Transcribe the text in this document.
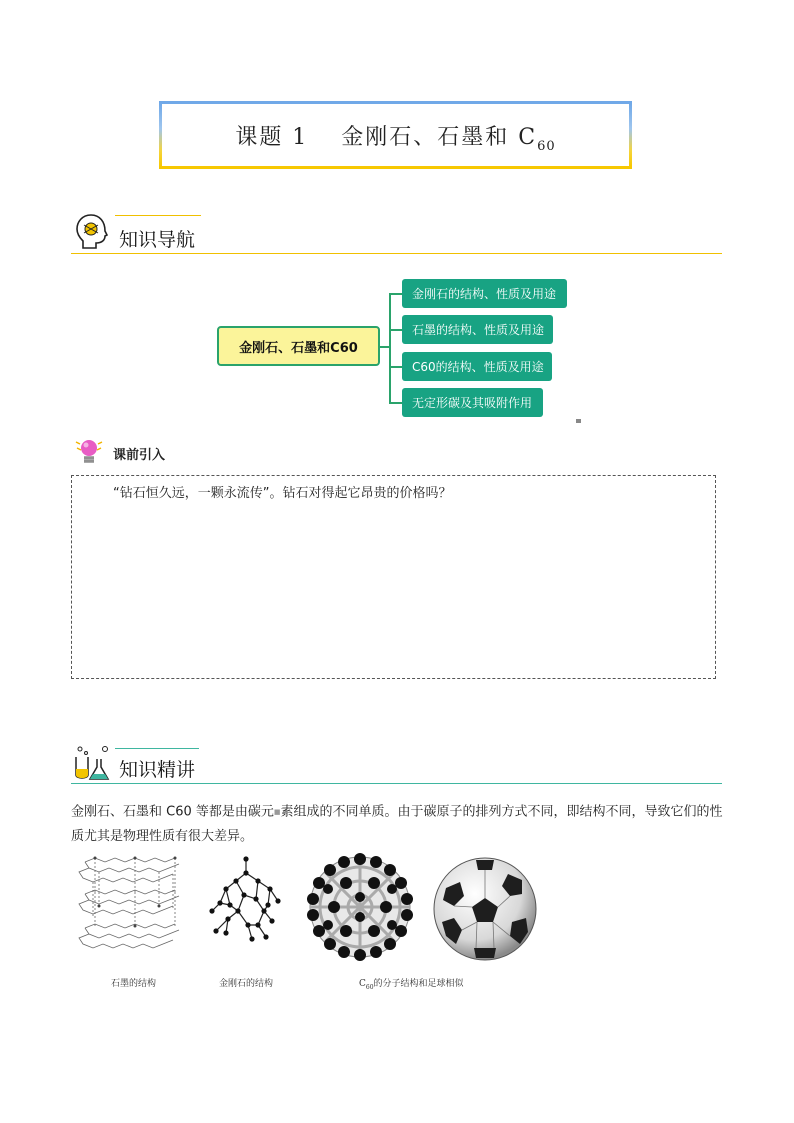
课题 1　 金刚石、石墨和 $C_{60}$
知识导航
金刚石、石墨和C60
金刚石的结构、性质及用途
石墨的结构、性质及用途
C60的结构、性质及用途
无定形碳及其吸附作用
课前引入
“钻石恒久远，一颗永流传”。钻石对得起它昂贵的价格吗？
知识精讲
金刚石、石墨和 C60 等都是由碳元■素组成的不同单质。由于碳原子的排列方式不同，即结构不同，导致它们的性质尤其是物理性质有很大差异。
石墨的结构	金刚石的结构	$C_{60}$的分子结构和足球相似
